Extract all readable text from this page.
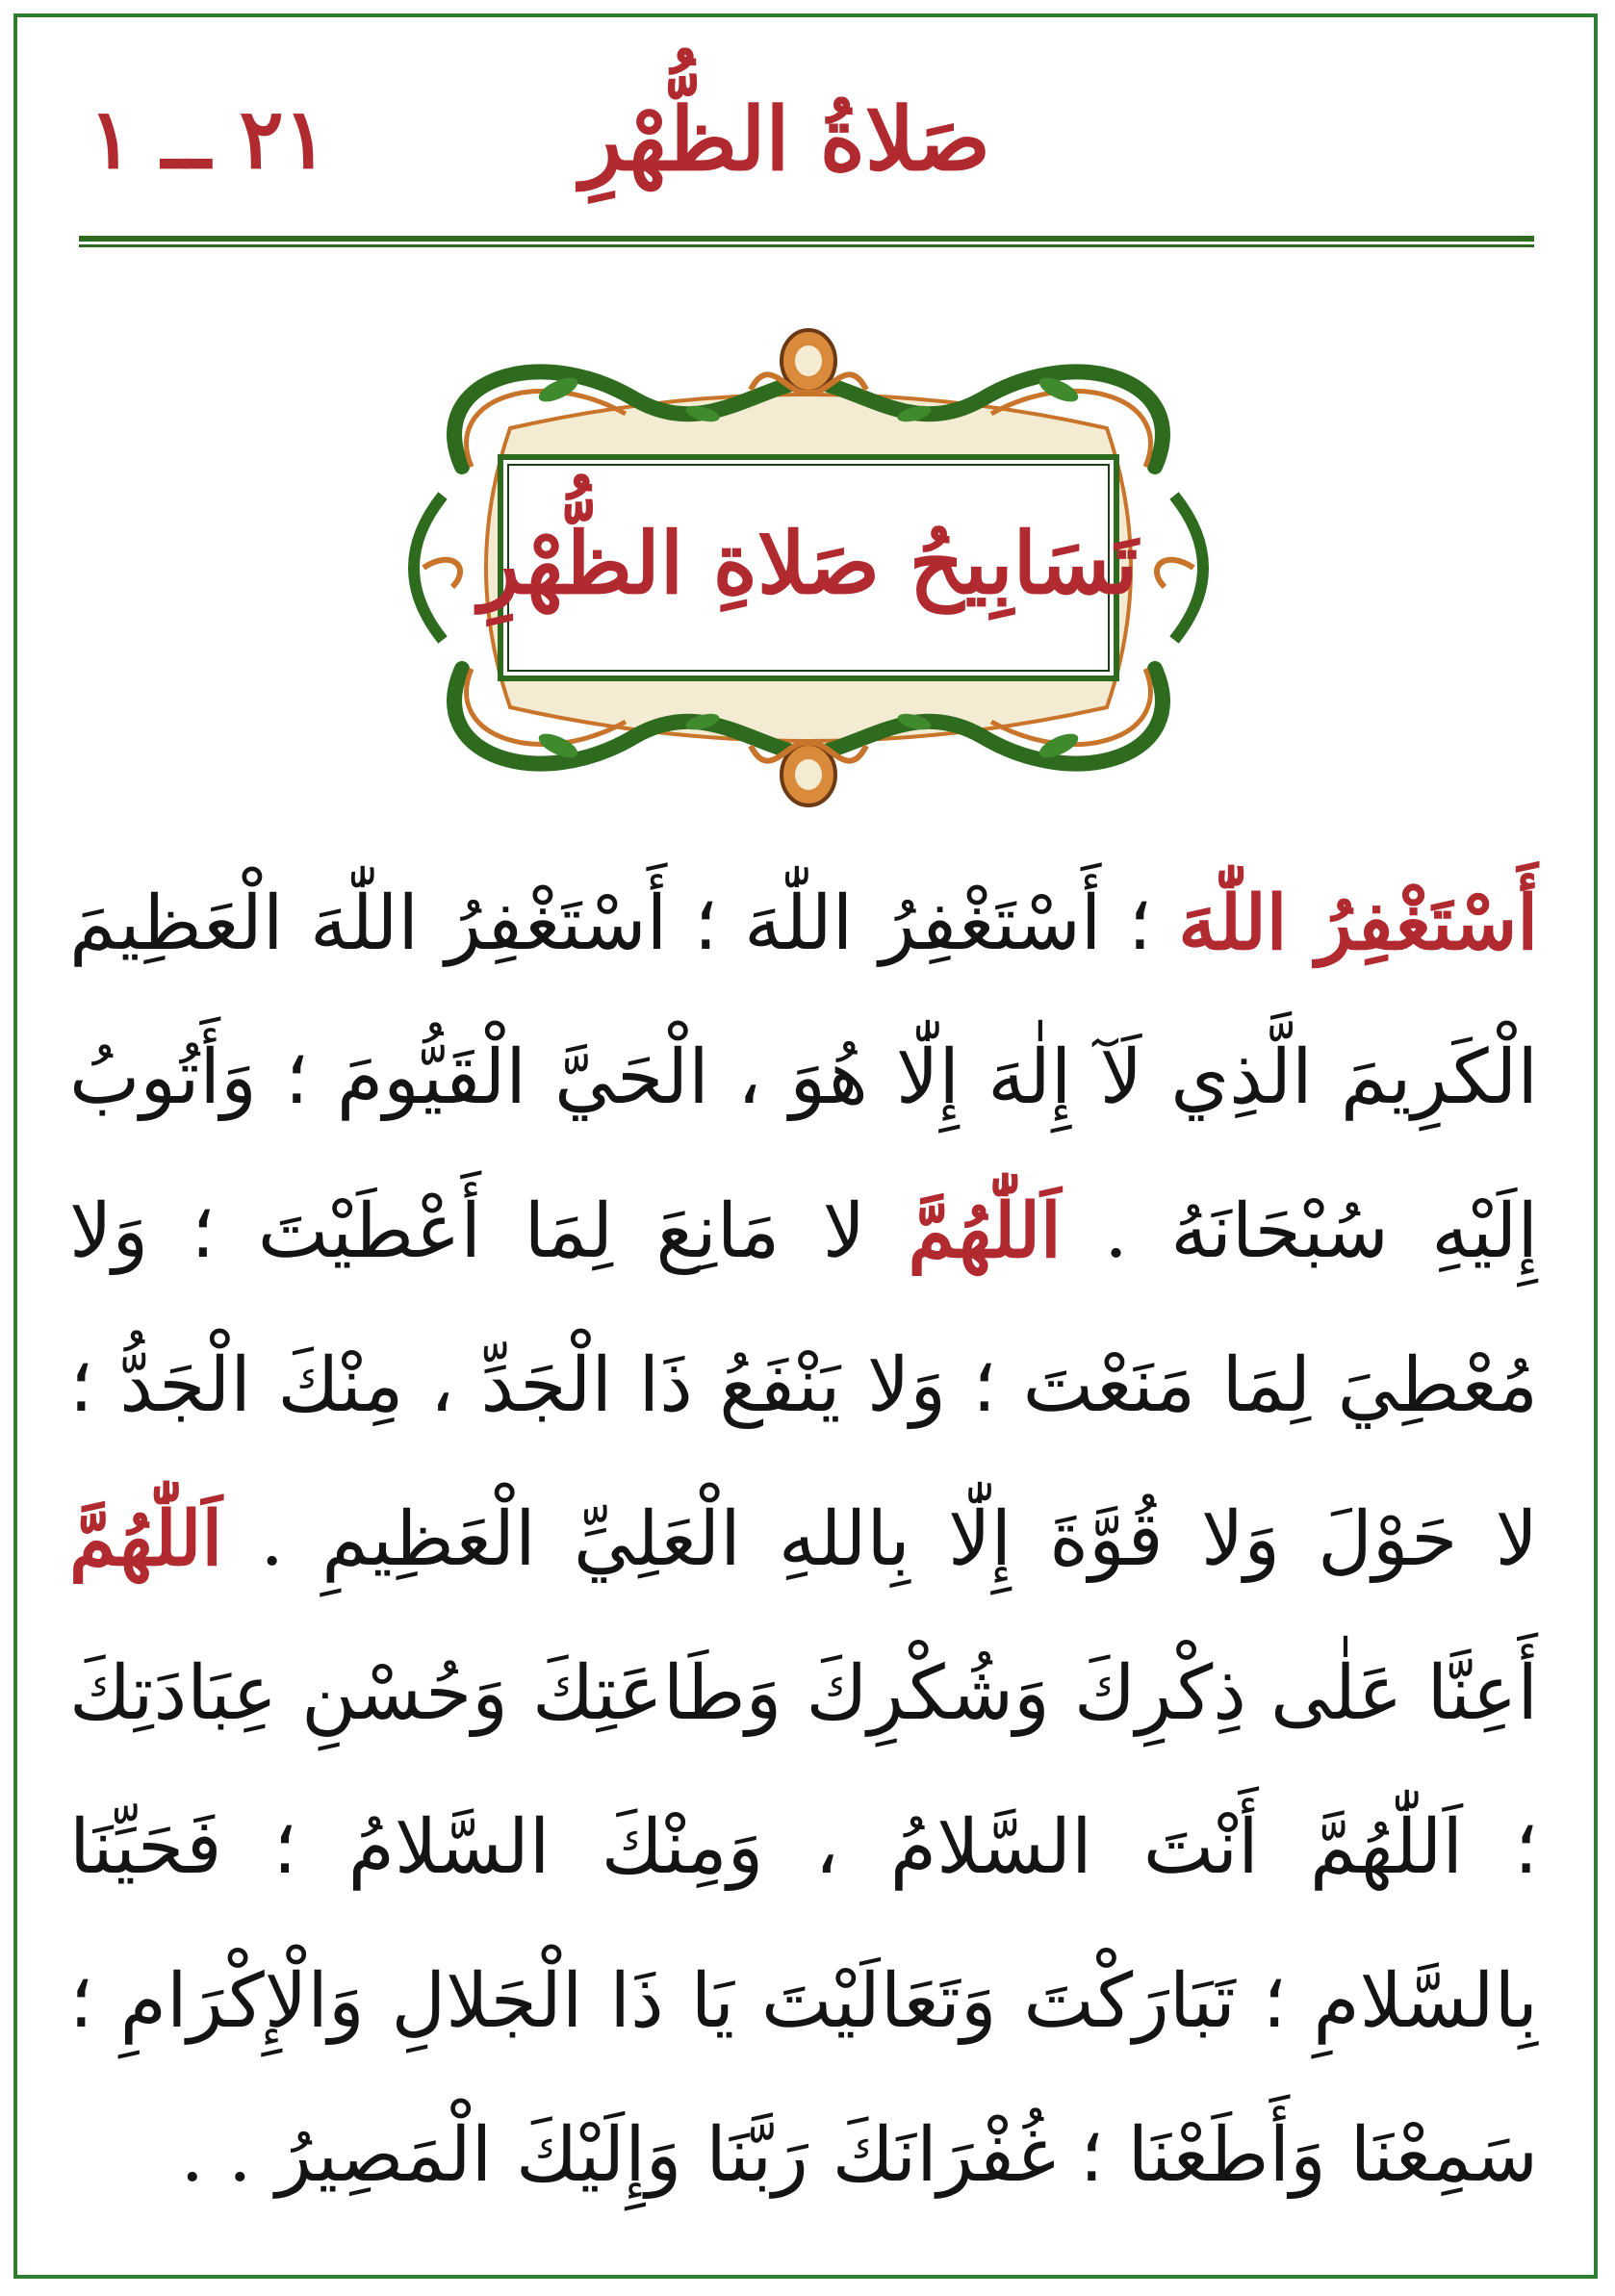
صَلاةُ الظُّهْرِ
٢١ ــ ١
تَسَابِيحُ صَلاةِ الظُّهْرِ
أَسْتَغْفِرُ اللّٰهَ ؛ أَسْتَغْفِرُ اللّٰهَ ؛ أَسْتَغْفِرُ اللّٰهَ الْعَظِيمَ الْكَرِيمَ الَّذِي لَآ إِلٰهَ إِلّٰا هُوَ ، الْحَيَّ الْقَيُّومَ ؛ وَأَتُوبُ إِلَيْهِ سُبْحَانَهُ . اَللّٰهُمَّ لا مَانِعَ لِمَا أَعْطَيْتَ ؛ وَلا مُعْطِيَ لِمَا مَنَعْتَ ؛ وَلا يَنْفَعُ ذَا الْجَدِّ ، مِنْكَ الْجَدُّ ؛ لا حَوْلَ وَلا قُوَّةَ إِلّٰا بِاللهِ الْعَلِيِّ الْعَظِيمِ . اَللّٰهُمَّ أَعِنَّا عَلٰى ذِكْرِكَ وَشُكْرِكَ وَطَاعَتِكَ وَحُسْنِ عِبَادَتِكَ ؛ اَللّٰهُمَّ أَنْتَ السَّلامُ ، وَمِنْكَ السَّلامُ ؛ فَحَيِّنَا بِالسَّلامِ ؛ تَبَارَكْتَ وَتَعَالَيْتَ يَا ذَا الْجَلالِ وَالْإِكْرَامِ ؛ سَمِعْنَا وَأَطَعْنَا ؛ غُفْرَانَكَ رَبَّنَا وَإِلَيْكَ الْمَصِيرُ . .
